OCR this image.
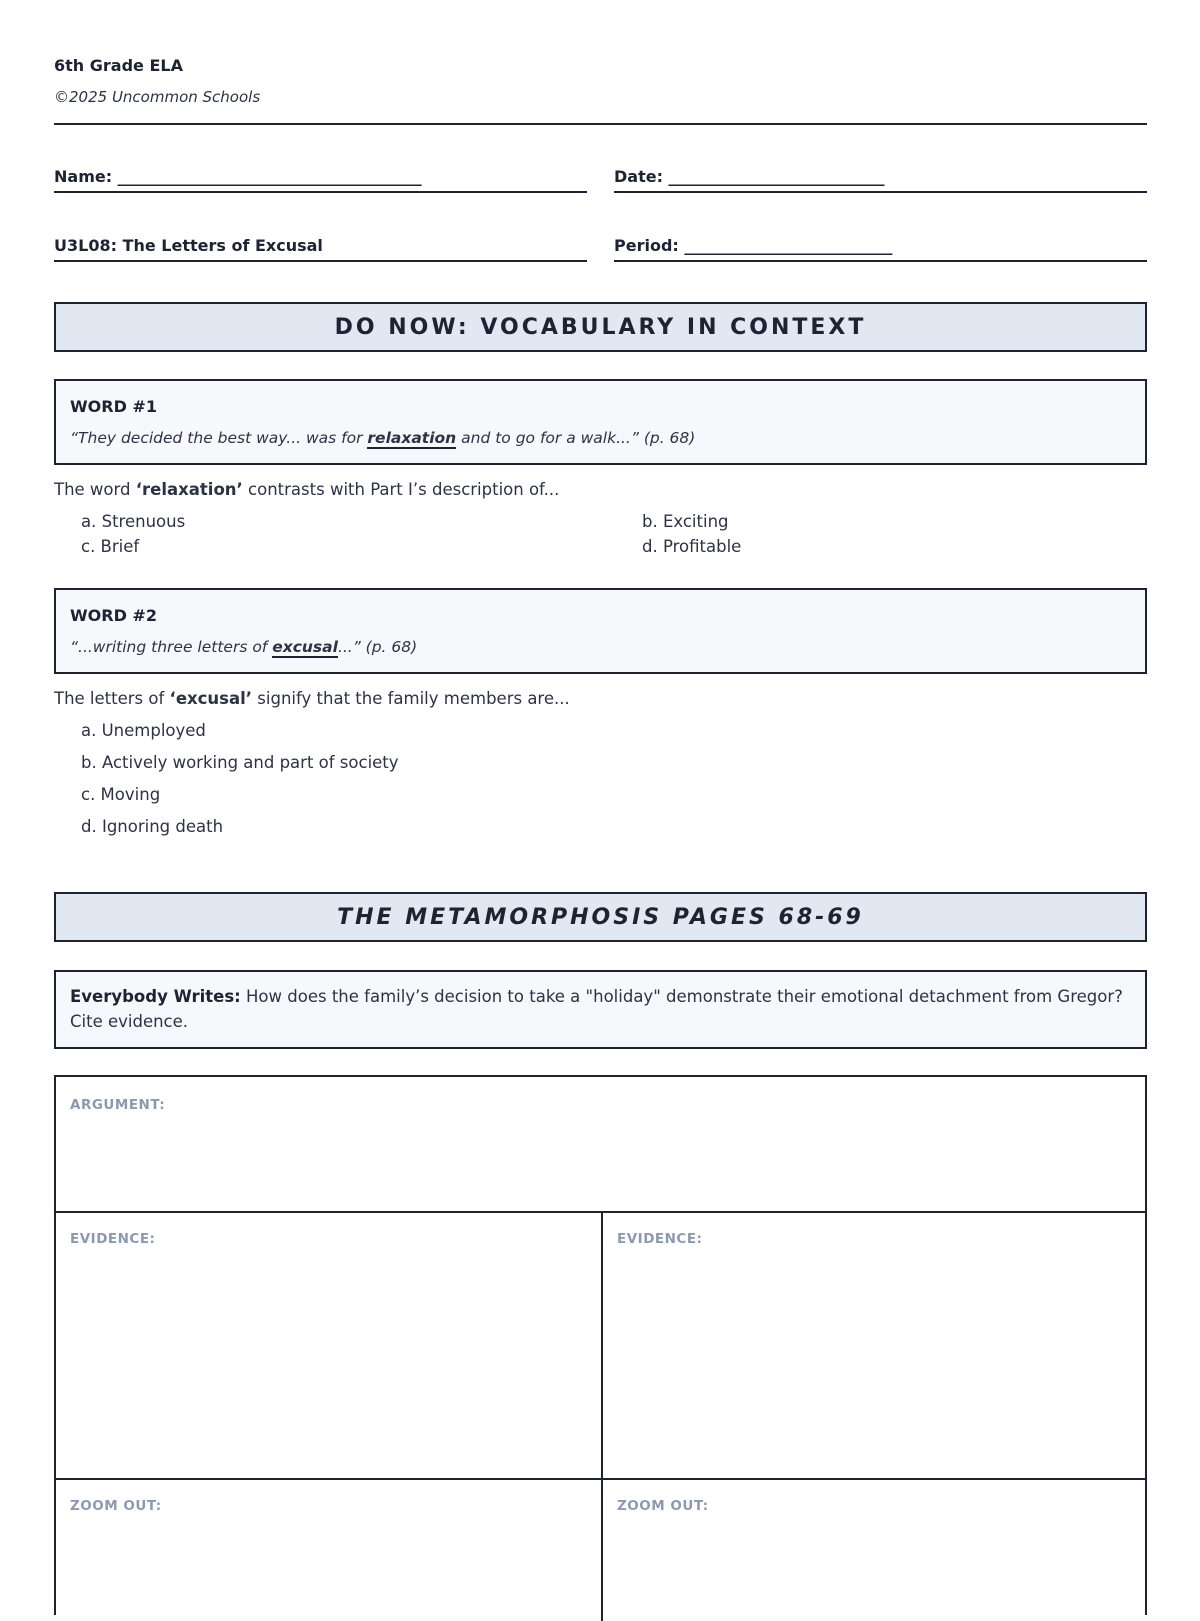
6th Grade ELA
©2025 Uncommon Schools
Name: ______________________________________	Date: ___________________________
U3L08: The Letters of Excusal	Period: __________________________
DO NOW: VOCABULARY IN CONTEXT
WORD #1
“They decided the best way... was for relaxation and to go for a walk...” (p. 68)
The word ‘relaxation’ contrasts with Part I’s description of...
a. Strenuous	b. Exciting
c. Brief	d. Profitable
WORD #2
“...writing three letters of excusal...” (p. 68)
The letters of ‘excusal’ signify that the family members are...
a. Unemployed
b. Actively working and part of society
c. Moving
d. Ignoring death
THE METAMORPHOSIS PAGES 68-69
Everybody Writes: How does the family’s decision to take a "holiday" demonstrate their emotional detachment from Gregor? Cite evidence.
ARGUMENT:
EVIDENCE:	EVIDENCE:
ZOOM OUT:	ZOOM OUT:
